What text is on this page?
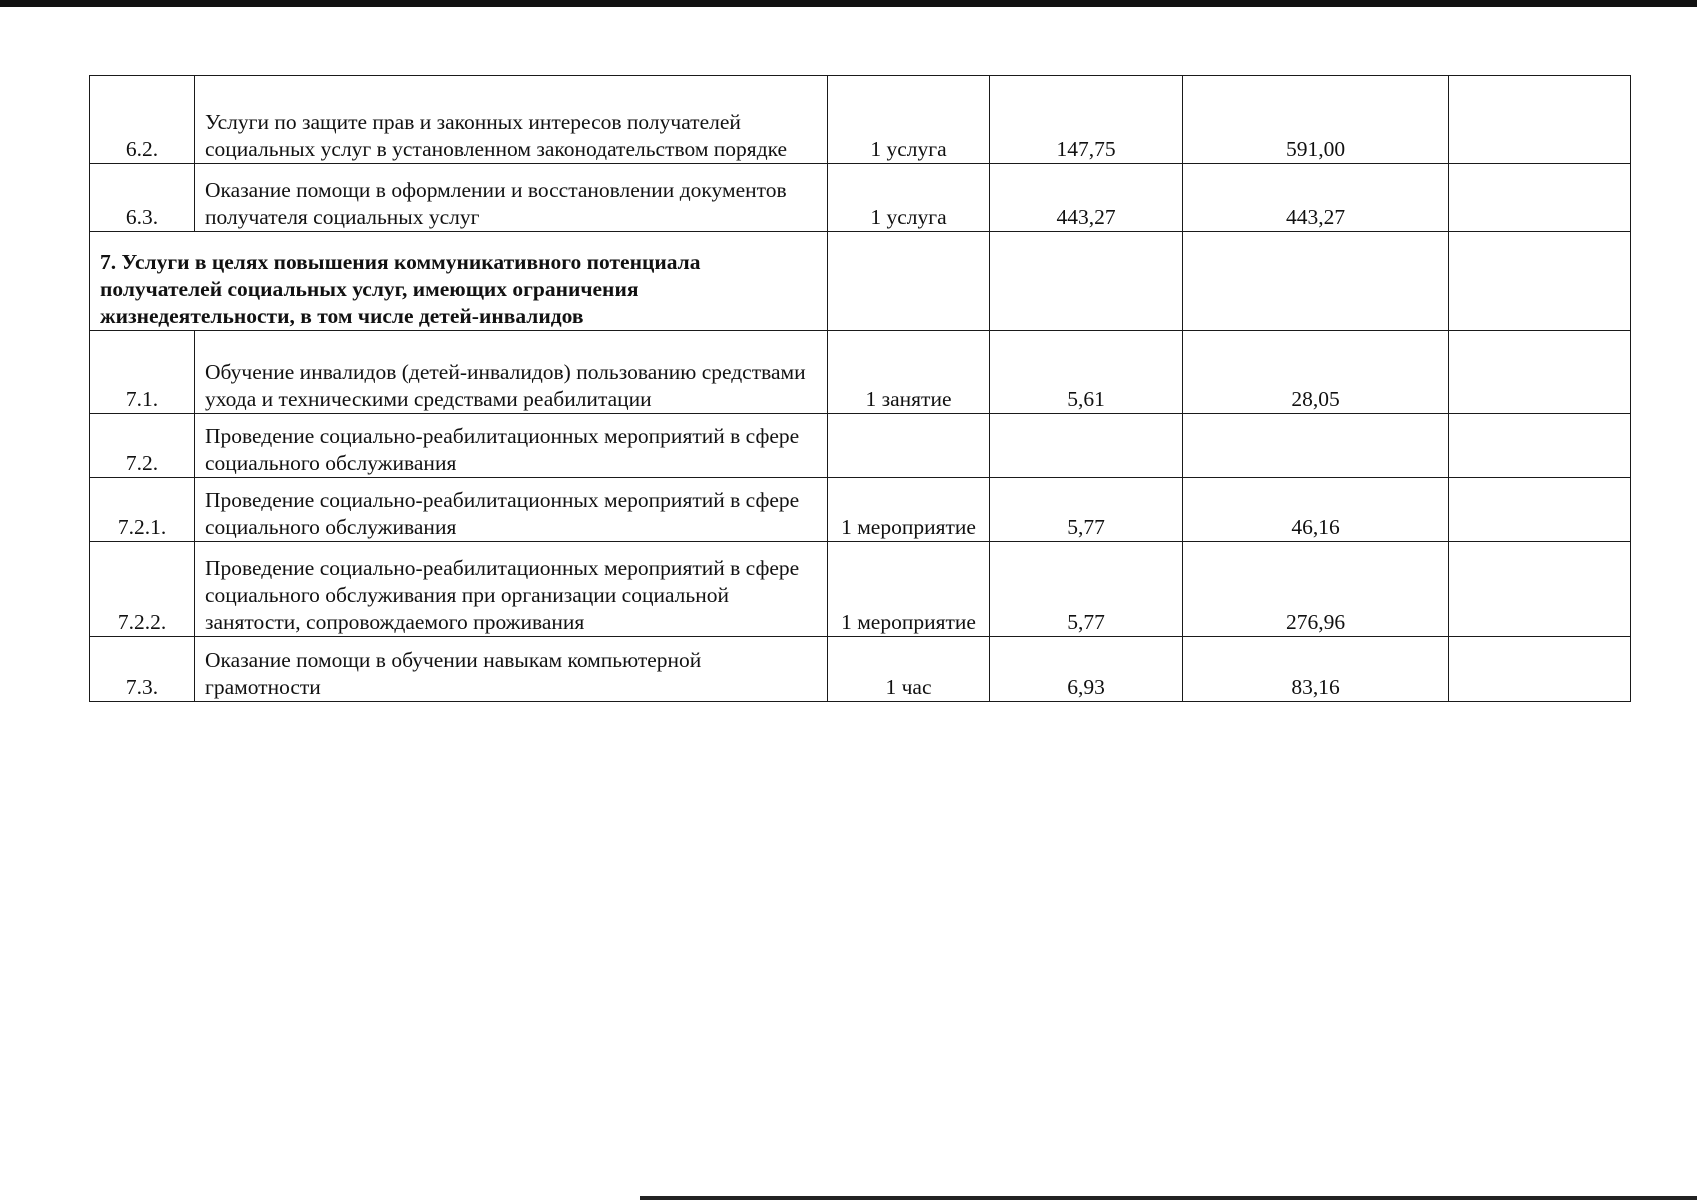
6.2.	Услуги по защите прав и законных интересов получателей социальных услуг в установленном законодательством порядке	1 услуга	147,75	591,00	
6.3.	Оказание помощи в оформлении и восстановлении документов получателя социальных услуг	1 услуга	443,27	443,27	
7. Услуги в целях повышения коммуникативного потенциала получателей социальных услуг, имеющих ограничения жизнедеятельности, в том числе детей-инвалидов					
7.1.	Обучение инвалидов (детей-инвалидов) пользованию средствами ухода и техническими средствами реабилитации	1 занятие	5,61	28,05	
7.2.	Проведение социально-реабилитационных мероприятий в сфере социального обслуживания				

7.2.1.	Проведение социально-реабилитационных мероприятий в сфере социального обслуживания	1 мероприятие	5,77	46,16	
7.2.2.	Проведение социально-реабилитационных мероприятий в сфере социального обслуживания при организации социальной занятости, сопровождаемого проживания	1 мероприятие	5,77	276,96	
7.3.	Оказание помощи в обучении навыкам компьютерной грамотности	1 час	6,93	83,16	
